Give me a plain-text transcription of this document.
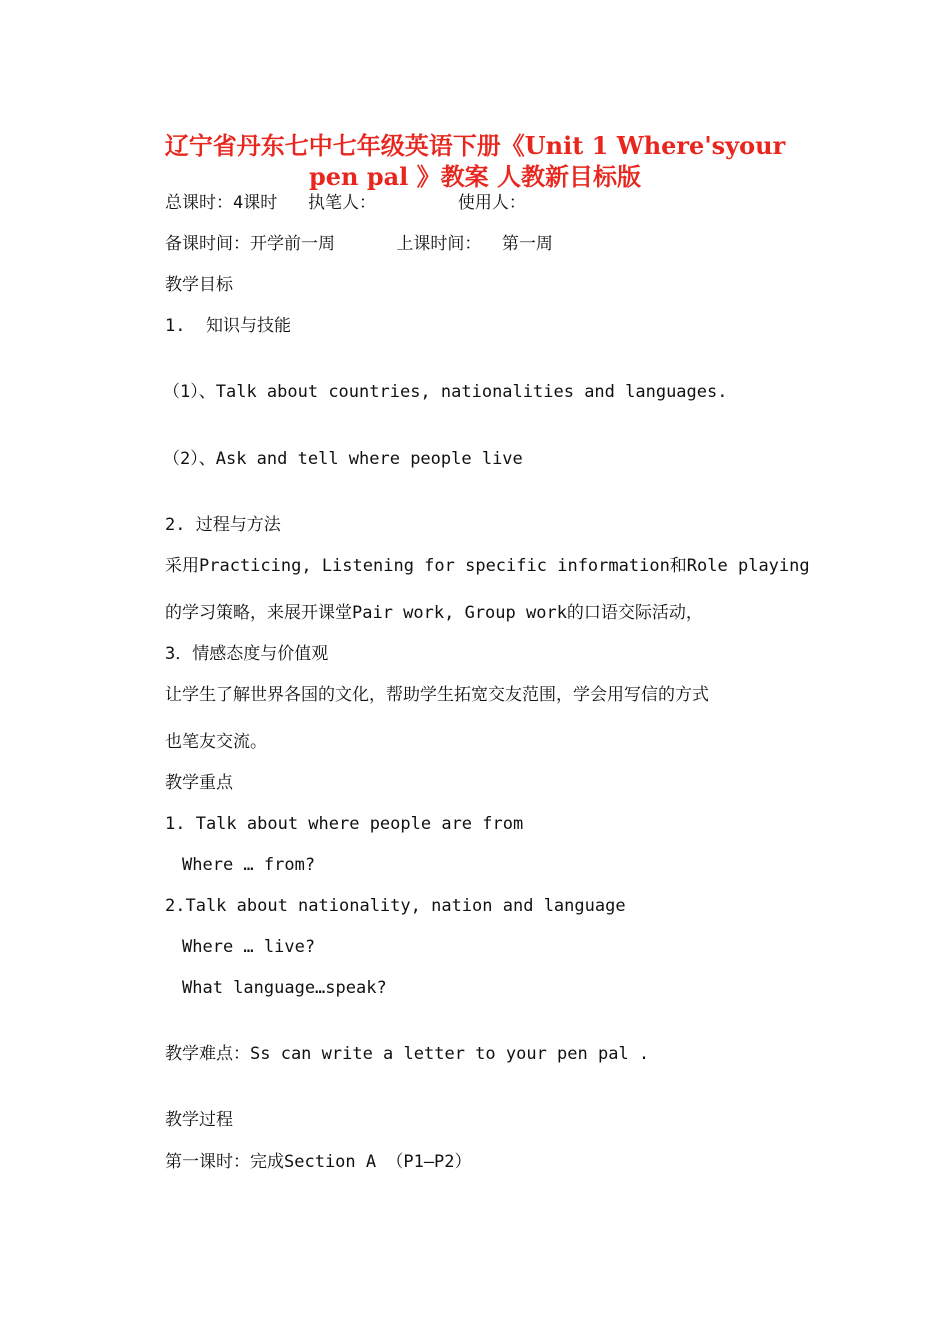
辽宁省丹东七中七年级英语下册《Unit 1 Where'syour
pen pal 》教案 人教新目标版
总课时：4课时   执笔人：        使用人：
备课时间：开学前一周      上课时间：  第一周
教学目标
1.  知识与技能
（1）、Talk about countries, nationalities and languages.
（2）、Ask and tell where people live
2. 过程与方法
采用Practicing, Listening for specific information和Role playing
的学习策略，来展开课堂Pair work, Group work的口语交际活动，
3．情感态度与价值观
让学生了解世界各国的文化，帮助学生拓宽交友范围，学会用写信的方式
也笔友交流。
教学重点
1. Talk about where people are from
Where … from?
2.Talk about nationality, nation and language
Where … live?
What language…speak?
教学难点：Ss can write a letter to your pen pal .
教学过程
第一课时：完成Section A （P1—P2）
